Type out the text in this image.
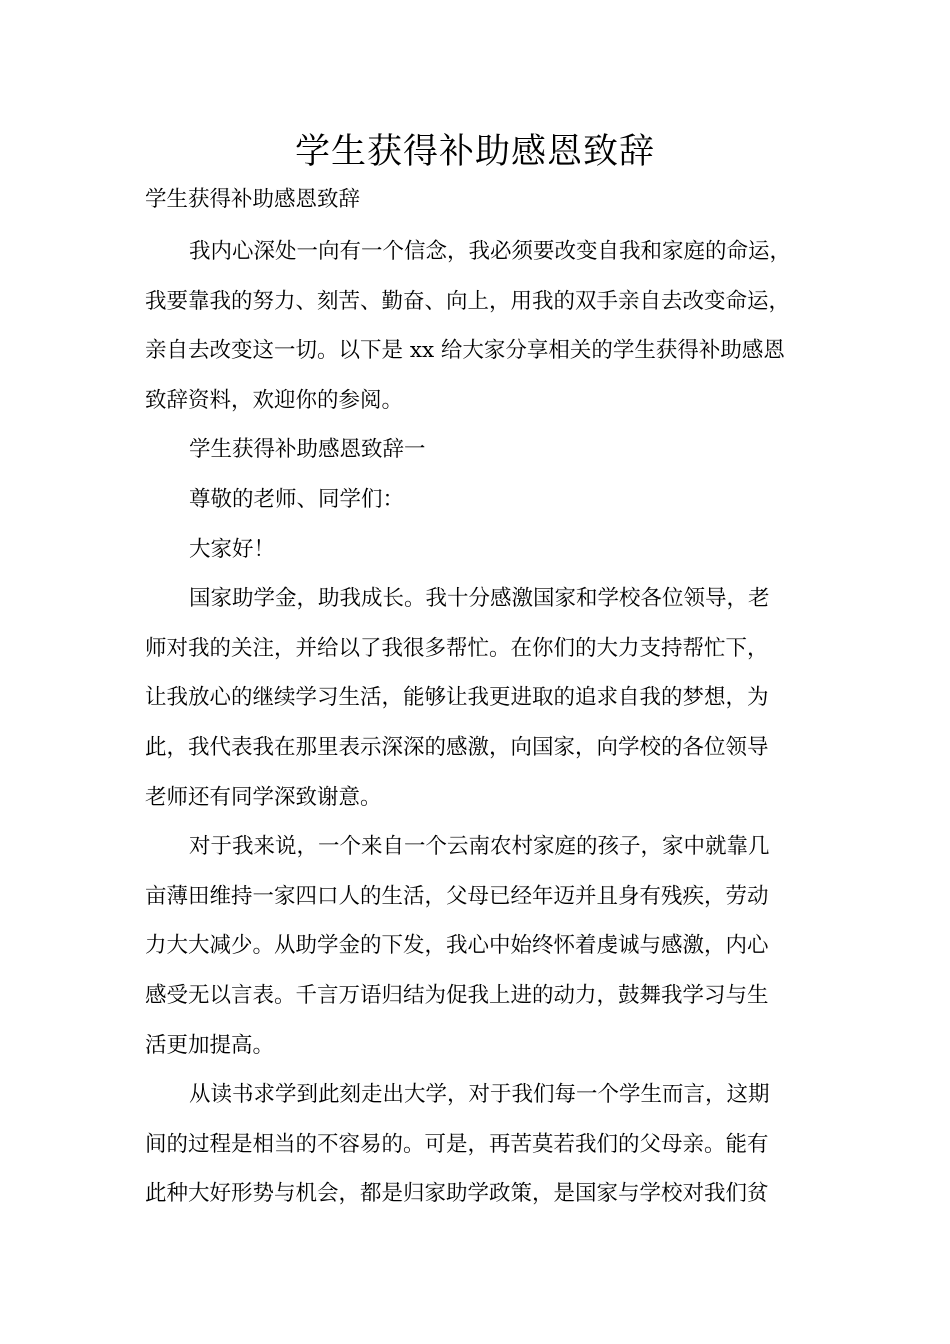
学生获得补助感恩致辞

学生获得补助感恩致辞

我内心深处一向有一个信念，我必须要改变自我和家庭的命运，

我要靠我的努力、刻苦、勤奋、向上，用我的双手亲自去改变命运，

亲自去改变这一切。以下是 xx 给大家分享相关的学生获得补助感恩

致辞资料，欢迎你的参阅。

学生获得补助感恩致辞一

尊敬的老师、同学们：

大家好！

国家助学金，助我成长。我十分感激国家和学校各位领导，老

师对我的关注，并给以了我很多帮忙。在你们的大力支持帮忙下，

让我放心的继续学习生活，能够让我更进取的追求自我的梦想，为

此，我代表我在那里表示深深的感激，向国家，向学校的各位领导

老师还有同学深致谢意。

对于我来说，一个来自一个云南农村家庭的孩子，家中就靠几

亩薄田维持一家四口人的生活，父母已经年迈并且身有残疾，劳动

力大大减少。从助学金的下发，我心中始终怀着虔诚与感激，内心

感受无以言表。千言万语归结为促我上进的动力，鼓舞我学习与生

活更加提高。

从读书求学到此刻走出大学，对于我们每一个学生而言，这期

间的过程是相当的不容易的。可是，再苦莫若我们的父母亲。能有

此种大好形势与机会，都是归家助学政策，是国家与学校对我们贫
